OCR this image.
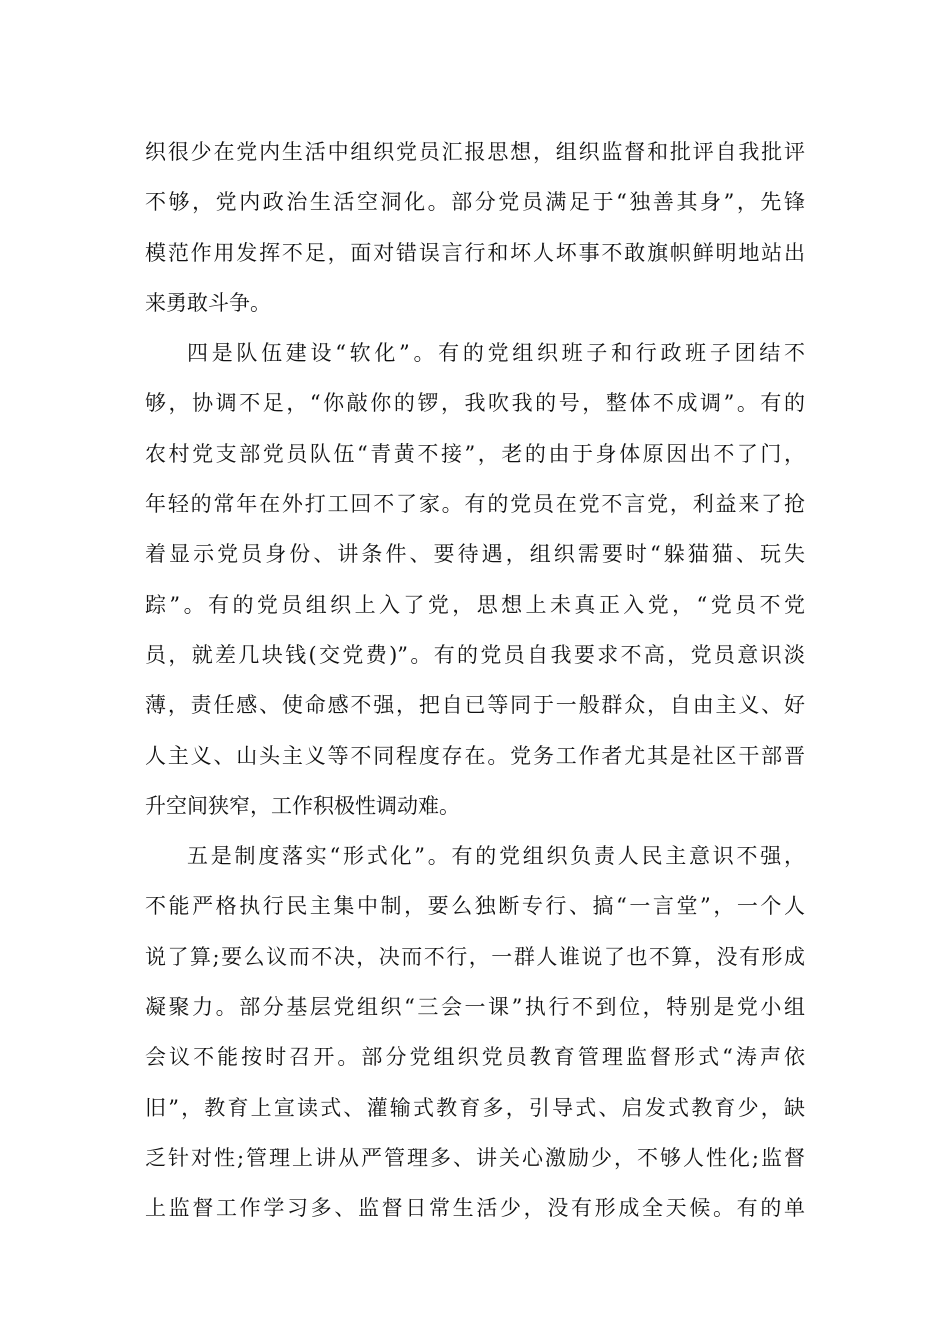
织很少在党内生活中组织党员汇报思想，组织监督和批评自我批评
不够，党内政治生活空洞化。部分党员满足于“独善其身”，先锋
模范作用发挥不足，面对错误言行和坏人坏事不敢旗帜鲜明地站出
来勇敢斗争。
四是队伍建设“软化”。有的党组织班子和行政班子团结不
够，协调不足，“你敲你的锣，我吹我的号，整体不成调”。有的
农村党支部党员队伍“青黄不接”，老的由于身体原因出不了门，
年轻的常年在外打工回不了家。有的党员在党不言党，利益来了抢
着显示党员身份、讲条件、要待遇，组织需要时“躲猫猫、玩失
踪”。有的党员组织上入了党，思想上未真正入党，“党员不党
员，就差几块钱(交党费)”。有的党员自我要求不高，党员意识淡
薄，责任感、使命感不强，把自已等同于一般群众，自由主义、好
人主义、山头主义等不同程度存在。党务工作者尤其是社区干部晋
升空间狭窄，工作积极性调动难。
五是制度落实“形式化”。有的党组织负责人民主意识不强，
不能严格执行民主集中制，要么独断专行、搞“一言堂”，一个人
说了算;要么议而不决，决而不行，一群人谁说了也不算，没有形成
凝聚力。部分基层党组织“三会一课”执行不到位，特别是党小组
会议不能按时召开。部分党组织党员教育管理监督形式“涛声依
旧”，教育上宣读式、灌输式教育多，引导式、启发式教育少，缺
乏针对性;管理上讲从严管理多、讲关心激励少，不够人性化;监督
上监督工作学习多、监督日常生活少，没有形成全天候。有的单
